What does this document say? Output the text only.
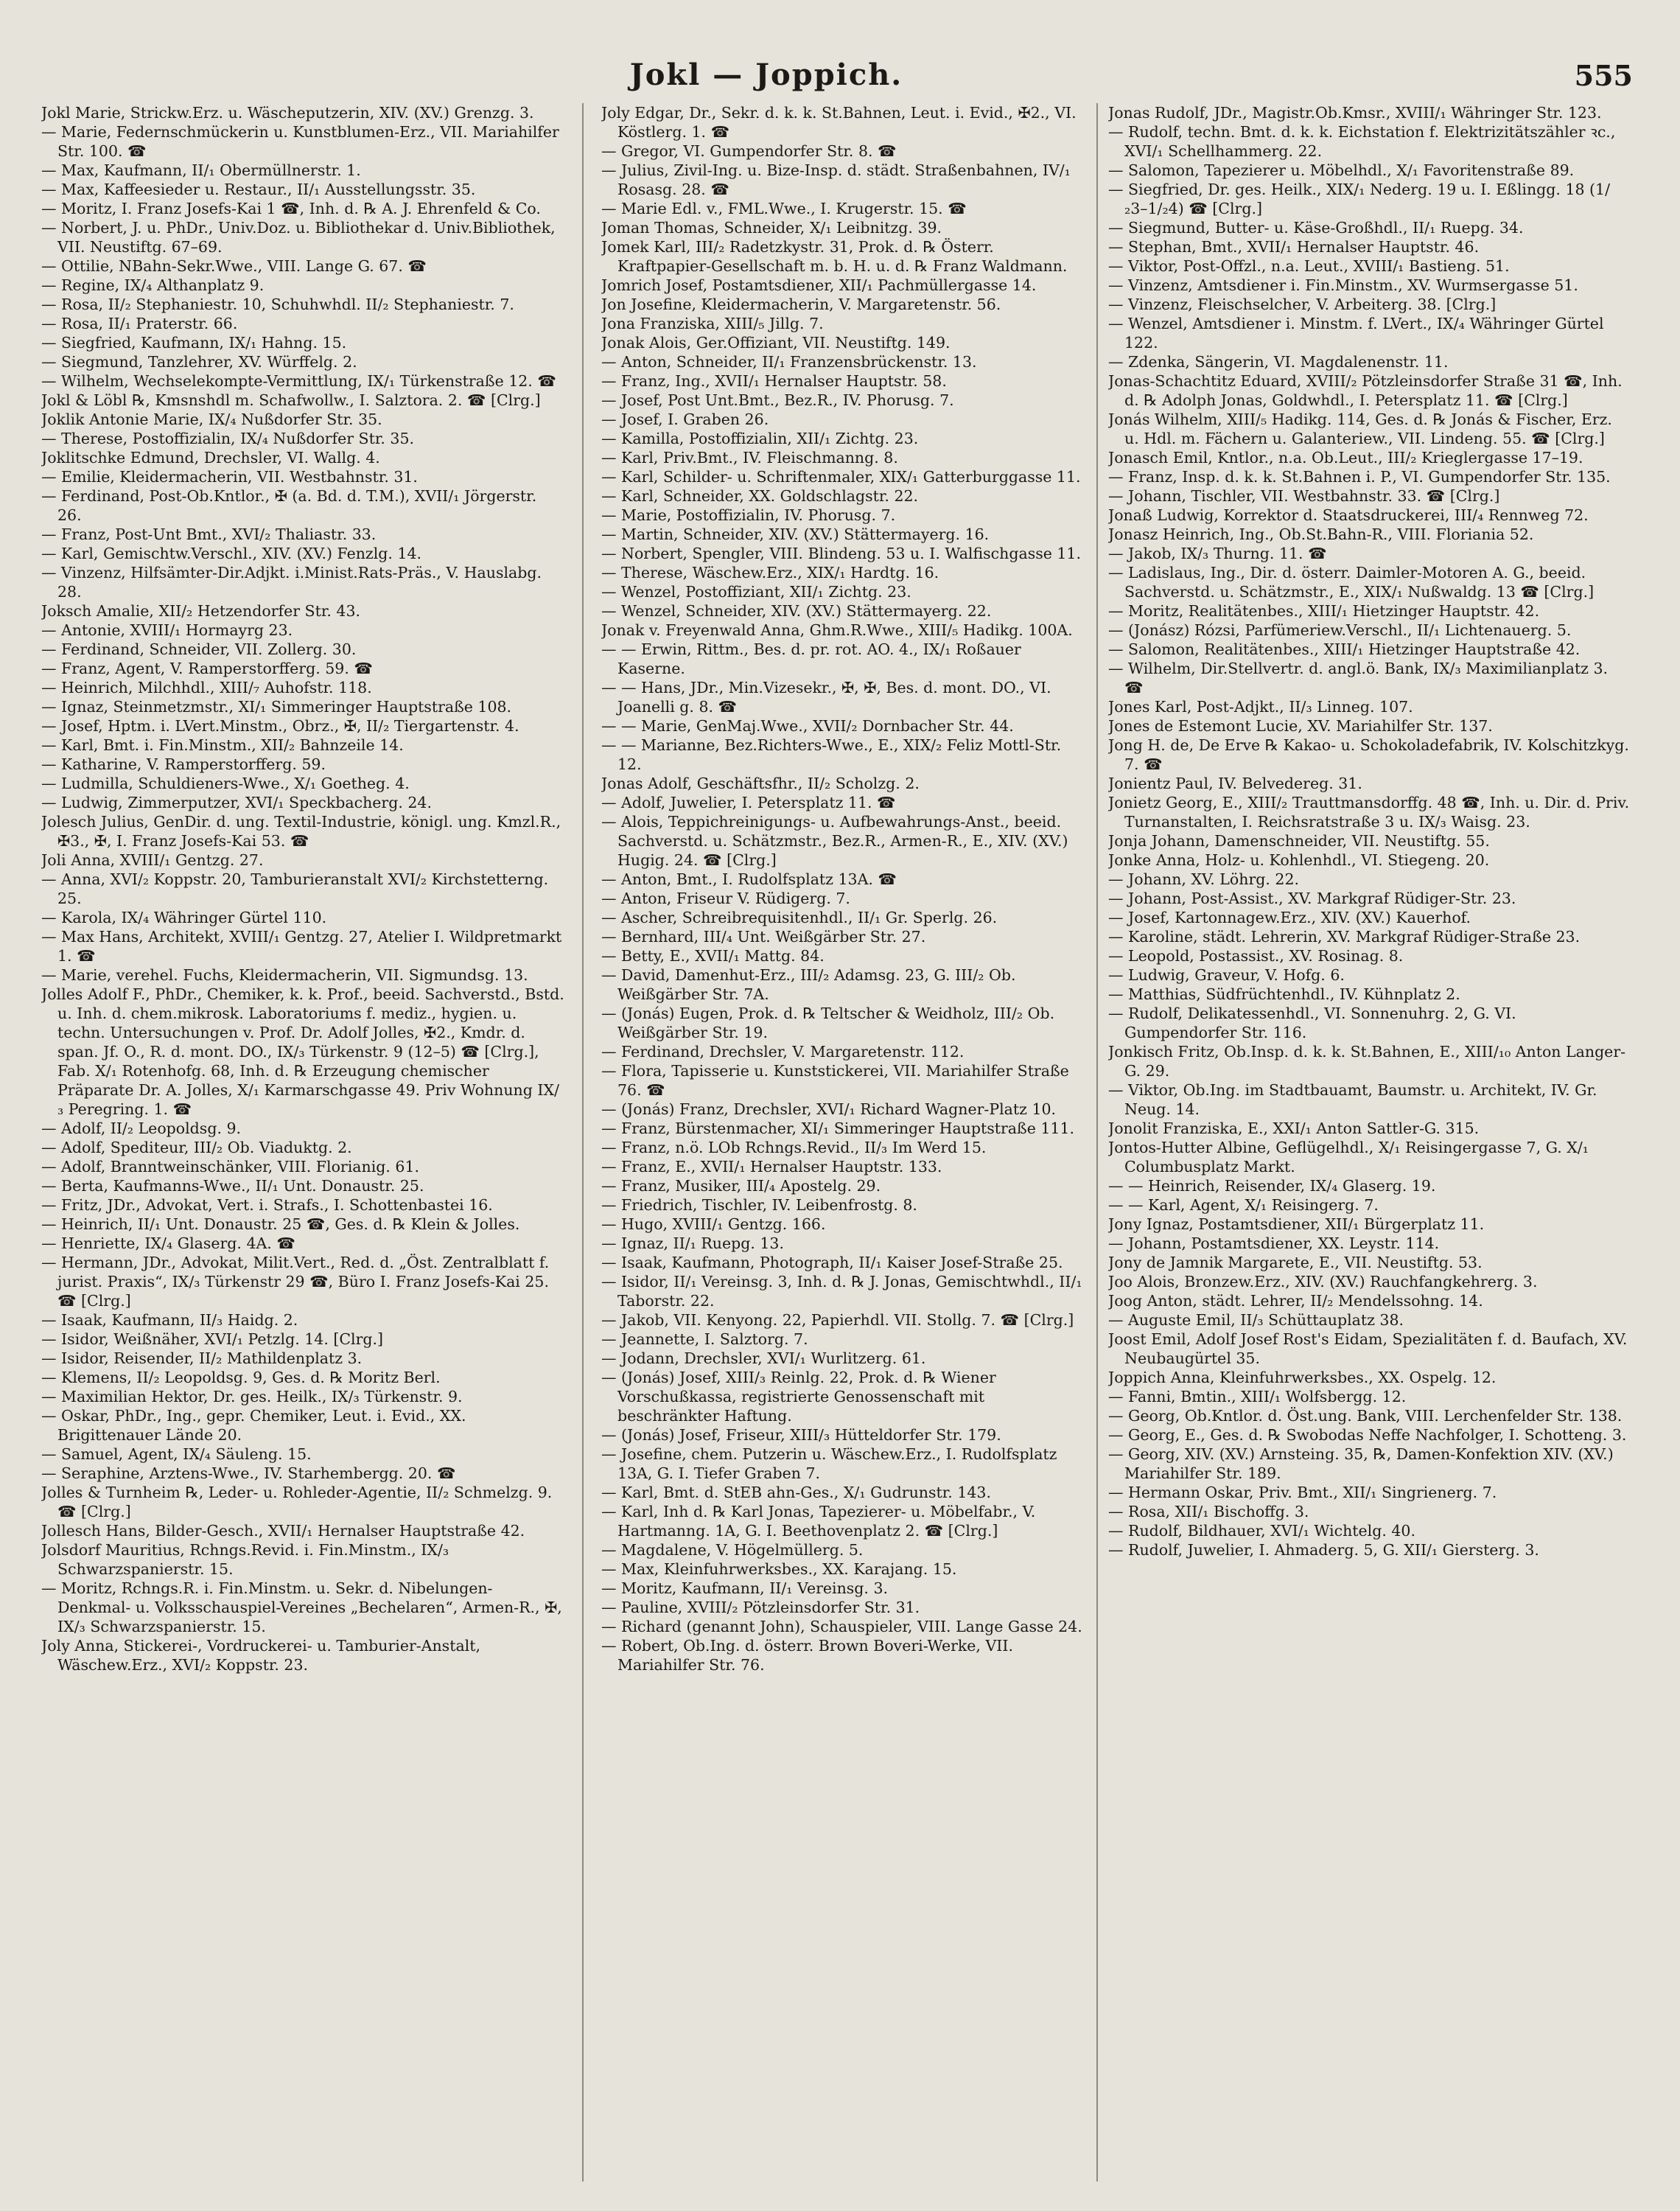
Jokl — Joppich.	555

Jokl Marie, Strickw.Erz. u. Wäscheputzerin, XIV. (XV.) Grenzg. 3.

— Marie, Federnschmückerin u. Kunstblumen-Erz., VII. Mariahilfer Str. 100. ☎

— Max, Kaufmann, II/₁ Obermüllnerstr. 1.

— Max, Kaffeesieder u. Restaur., II/₁ Ausstellungsstr. 35.

— Moritz, I. Franz Josefs-Kai 1 ☎, Inh. d. ℞ A. J. Ehrenfeld & Co.

— Norbert, J. u. PhDr., Univ.Doz. u. Bibliothekar d. Univ.Bibliothek, VII. Neustiftg. 67–69.

— Ottilie, NBahn-Sekr.Wwe., VIII. Lange G. 67. ☎

— Regine, IX/₄ Althanplatz 9.

— Rosa, II/₂ Stephaniestr. 10, Schuhwhdl. II/₂ Stephaniestr. 7.

— Rosa, II/₁ Praterstr. 66.

— Siegfried, Kaufmann, IX/₁ Hahng. 15.

— Siegmund, Tanzlehrer, XV. Würffelg. 2.

— Wilhelm, Wechselekompte-Vermittlung, IX/₁ Türkenstraße 12. ☎

Jokl & Löbl ℞, Kmsnshdl m. Schafwollw., I. Salztora. 2. ☎ [Clrg.]

Joklik Antonie Marie, IX/₄ Nußdorfer Str. 35.

— Therese, Postoffizialin, IX/₄ Nußdorfer Str. 35.

Joklitschke Edmund, Drechsler, VI. Wallg. 4.

— Emilie, Kleidermacherin, VII. Westbahnstr. 31.

— Ferdinand, Post-Ob.Kntlor., ✠ (a. Bd. d. T.M.), XVII/₁ Jörgerstr. 26.

— Franz, Post-Unt Bmt., XVI/₂ Thaliastr. 33.

— Karl, Gemischtw.Verschl., XIV. (XV.) Fenzlg. 14.

— Vinzenz, Hilfsämter-Dir.Adjkt. i.Minist.Rats-Präs., V. Hauslabg. 28.

Joksch Amalie, XII/₂ Hetzendorfer Str. 43.

— Antonie, XVIII/₁ Hormayrg 23.

— Ferdinand, Schneider, VII. Zollerg. 30.

— Franz, Agent, V. Ramperstorfferg. 59. ☎

— Heinrich, Milchhdl., XIII/₇ Auhofstr. 118.

— Ignaz, Steinmetzmstr., XI/₁ Simmeringer Hauptstraße 108.

— Josef, Hptm. i. LVert.Minstm., Obrz., ✠, II/₂ Tiergartenstr. 4.

— Karl, Bmt. i. Fin.Minstm., XII/₂ Bahnzeile 14.

— Katharine, V. Ramperstorfferg. 59.

— Ludmilla, Schuldieners-Wwe., X/₁ Goetheg. 4.

— Ludwig, Zimmerputzer, XVI/₁ Speckbacherg. 24.

Jolesch Julius, GenDir. d. ung. Textil-Industrie, königl. ung. Kmzl.R., ✠3., ✠, I. Franz Josefs-Kai 53. ☎

Joli Anna, XVIII/₁ Gentzg. 27.

— Anna, XVI/₂ Koppstr. 20, Tamburieranstalt XVI/₂ Kirchstetterng. 25.

— Karola, IX/₄ Währinger Gürtel 110.

— Max Hans, Architekt, XVIII/₁ Gentzg. 27, Atelier I. Wildpretmarkt 1. ☎

— Marie, verehel. Fuchs, Kleidermacherin, VII. Sigmundsg. 13.

Jolles Adolf F., PhDr., Chemiker, k. k. Prof., beeid. Sachverstd., Bstd. u. Inh. d. chem.mikrosk. Laboratoriums f. mediz., hygien. u. techn. Untersuchungen v. Prof. Dr. Adolf Jolles, ✠2., Kmdr. d. span. Jf. O., R. d. mont. DO., IX/₃ Türkenstr. 9 (12–5) ☎ [Clrg.], Fab. X/₁ Rotenhofg. 68, Inh. d. ℞ Erzeugung chemischer Präparate Dr. A. Jolles, X/₁ Karmarschgasse 49. Priv Wohnung IX/₃ Peregring. 1. ☎

— Adolf, II/₂ Leopoldsg. 9.

— Adolf, Spediteur, III/₂ Ob. Viaduktg. 2.

— Adolf, Branntweinschänker, VIII. Florianig. 61.

— Berta, Kaufmanns-Wwe., II/₁ Unt. Donaustr. 25.

— Fritz, JDr., Advokat, Vert. i. Strafs., I. Schottenbastei 16.

— Heinrich, II/₁ Unt. Donaustr. 25 ☎, Ges. d. ℞ Klein & Jolles.

— Henriette, IX/₄ Glaserg. 4A. ☎

— Hermann, JDr., Advokat, Milit.Vert., Red. d. „Öst. Zentralblatt f. jurist. Praxis“, IX/₃ Türkenstr 29 ☎, Büro I. Franz Josefs-Kai 25. ☎ [Clrg.]

— Isaak, Kaufmann, II/₃ Haidg. 2.

— Isidor, Weißnäher, XVI/₁ Petzlg. 14. [Clrg.]

— Isidor, Reisender, II/₂ Mathildenplatz 3.

— Klemens, II/₂ Leopoldsg. 9, Ges. d. ℞ Moritz Berl.

— Maximilian Hektor, Dr. ges. Heilk., IX/₃ Türkenstr. 9.

— Oskar, PhDr., Ing., gepr. Chemiker, Leut. i. Evid., XX. Brigittenauer Lände 20.

— Samuel, Agent, IX/₄ Säuleng. 15.

— Seraphine, Arztens-Wwe., IV. Starhembergg. 20. ☎

Jolles & Turnheim ℞, Leder- u. Rohleder-Agentie, II/₂ Schmelzg. 9. ☎ [Clrg.]

Jollesch Hans, Bilder-Gesch., XVII/₁ Hernalser Hauptstraße 42.

Jolsdorf Mauritius, Rchngs.Revid. i. Fin.Minstm., IX/₃ Schwarzspanierstr. 15.

— Moritz, Rchngs.R. i. Fin.Minstm. u. Sekr. d. Nibelungen-Denkmal- u. Volksschauspiel-Vereines „Bechelaren“, Armen-R., ✠, IX/₃ Schwarzspanierstr. 15.

Joly Anna, Stickerei-, Vordruckerei- u. Tamburier-Anstalt, Wäschew.Erz., XVI/₂ Koppstr. 23.

Joly Edgar, Dr., Sekr. d. k. k. St.Bahnen, Leut. i. Evid., ✠2., VI. Köstlerg. 1. ☎

— Gregor, VI. Gumpendorfer Str. 8. ☎

— Julius, Zivil-Ing. u. Bize-Insp. d. städt. Straßenbahnen, IV/₁ Rosasg. 28. ☎

— Marie Edl. v., FML.Wwe., I. Krugerstr. 15. ☎

Joman Thomas, Schneider, X/₁ Leibnitzg. 39.

Jomek Karl, III/₂ Radetzkystr. 31, Prok. d. ℞ Österr. Kraftpapier-Gesellschaft m. b. H. u. d. ℞ Franz Waldmann.

Jomrich Josef, Postamtsdiener, XII/₁ Pachmüllergasse 14.

Jon Josefine, Kleidermacherin, V. Margaretenstr. 56.

Jona Franziska, XIII/₅ Jillg. 7.

Jonak Alois, Ger.Offiziant, VII. Neustiftg. 149.

— Anton, Schneider, II/₁ Franzensbrückenstr. 13.

— Franz, Ing., XVII/₁ Hernalser Hauptstr. 58.

— Josef, Post Unt.Bmt., Bez.R., IV. Phorusg. 7.

— Josef, I. Graben 26.

— Kamilla, Postoffizialin, XII/₁ Zichtg. 23.

— Karl, Priv.Bmt., IV. Fleischmanng. 8.

— Karl, Schilder- u. Schriftenmaler, XIX/₁ Gatterburggasse 11.

— Karl, Schneider, XX. Goldschlagstr. 22.

— Marie, Postoffizialin, IV. Phorusg. 7.

— Martin, Schneider, XIV. (XV.) Stättermayerg. 16.

— Norbert, Spengler, VIII. Blindeng. 53 u. I. Walfischgasse 11.

— Therese, Wäschew.Erz., XIX/₁ Hardtg. 16.

— Wenzel, Postoffiziant, XII/₁ Zichtg. 23.

— Wenzel, Schneider, XIV. (XV.) Stättermayerg. 22.

Jonak v. Freyenwald Anna, Ghm.R.Wwe., XIII/₅ Hadikg. 100A.

— — Erwin, Rittm., Bes. d. pr. rot. AO. 4., IX/₁ Roßauer Kaserne.

— — Hans, JDr., Min.Vizesekr., ✠, ✠, Bes. d. mont. DO., VI. Joanelli g. 8. ☎

— — Marie, GenMaj.Wwe., XVII/₂ Dornbacher Str. 44.

— — Marianne, Bez.Richters-Wwe., E., XIX/₂ Feliz Mottl-Str. 12.

Jonas Adolf, Geschäftsfhr., II/₂ Scholzg. 2.

— Adolf, Juwelier, I. Petersplatz 11. ☎

— Alois, Teppichreinigungs- u. Aufbewahrungs-Anst., beeid. Sachverstd. u. Schätzmstr., Bez.R., Armen-R., E., XIV. (XV.) Hugig. 24. ☎ [Clrg.]

— Anton, Bmt., I. Rudolfsplatz 13A. ☎

— Anton, Friseur V. Rüdigerg. 7.

— Ascher, Schreibrequisitenhdl., II/₁ Gr. Sperlg. 26.

— Bernhard, III/₄ Unt. Weißgärber Str. 27.

— Betty, E., XVII/₁ Mattg. 84.

— David, Damenhut-Erz., III/₂ Adamsg. 23, G. III/₂ Ob. Weißgärber Str. 7A.

— (Jonás) Eugen, Prok. d. ℞ Teltscher & Weidholz, III/₂ Ob. Weißgärber Str. 19.

— Ferdinand, Drechsler, V. Margaretenstr. 112.

— Flora, Tapisserie u. Kunststickerei, VII. Mariahilfer Straße 76. ☎

— (Jonás) Franz, Drechsler, XVI/₁ Richard Wagner-Platz 10.

— Franz, Bürstenmacher, XI/₁ Simmeringer Hauptstraße 111.

— Franz, n.ö. LOb Rchngs.Revid., II/₃ Im Werd 15.

— Franz, E., XVII/₁ Hernalser Hauptstr. 133.

— Franz, Musiker, III/₄ Apostelg. 29.

— Friedrich, Tischler, IV. Leibenfrostg. 8.

— Hugo, XVIII/₁ Gentzg. 166.

— Ignaz, II/₁ Ruepg. 13.

— Isaak, Kaufmann, Photograph, II/₁ Kaiser Josef-Straße 25.

— Isidor, II/₁ Vereinsg. 3, Inh. d. ℞ J. Jonas, Gemischtwhdl., II/₁ Taborstr. 22.

— Jakob, VII. Kenyong. 22, Papierhdl. VII. Stollg. 7. ☎ [Clrg.]

— Jeannette, I. Salztorg. 7.

— Jodann, Drechsler, XVI/₁ Wurlitzerg. 61.

— (Jonás) Josef, XIII/₃ Reinlg. 22, Prok. d. ℞ Wiener Vorschußkassa, registrierte Genossenschaft mit beschränkter Haftung.

— (Jonás) Josef, Friseur, XIII/₃ Hütteldorfer Str. 179.

— Josefine, chem. Putzerin u. Wäschew.Erz., I. Rudolfsplatz 13A, G. I. Tiefer Graben 7.

— Karl, Bmt. d. StEB ahn-Ges., X/₁ Gudrunstr. 143.

— Karl, Inh d. ℞ Karl Jonas, Tapezierer- u. Möbelfabr., V. Hartmanng. 1A, G. I. Beethovenplatz 2. ☎ [Clrg.]

— Magdalene, V. Högelmüllerg. 5.

— Max, Kleinfuhrwerksbes., XX. Karajang. 15.

— Moritz, Kaufmann, II/₁ Vereinsg. 3.

— Pauline, XVIII/₂ Pötzleinsdorfer Str. 31.

— Richard (genannt John), Schauspieler, VIII. Lange Gasse 24.

— Robert, Ob.Ing. d. österr. Brown Boveri-Werke, VII. Mariahilfer Str. 76.

Jonas Rudolf, JDr., Magistr.Ob.Kmsr., XVIII/₁ Währinger Str. 123.

— Rudolf, techn. Bmt. d. k. k. Eichstation f. Elektrizitätszähler ꝛc., XVI/₁ Schellhammerg. 22.

— Salomon, Tapezierer u. Möbelhdl., X/₁ Favoritenstraße 89.

— Siegfried, Dr. ges. Heilk., XIX/₁ Nederg. 19 u. I. Eßlingg. 18 (1/₂3–1/₂4) ☎ [Clrg.]

— Siegmund, Butter- u. Käse-Großhdl., II/₁ Ruepg. 34.

— Stephan, Bmt., XVII/₁ Hernalser Hauptstr. 46.

— Viktor, Post-Offzl., n.a. Leut., XVIII/₁ Bastieng. 51.

— Vinzenz, Amtsdiener i. Fin.Minstm., XV. Wurmsergasse 51.

— Vinzenz, Fleischselcher, V. Arbeiterg. 38. [Clrg.]

— Wenzel, Amtsdiener i. Minstm. f. LVert., IX/₄ Währinger Gürtel 122.

— Zdenka, Sängerin, VI. Magdalenenstr. 11.

Jonas-Schachtitz Eduard, XVIII/₂ Pötzleinsdorfer Straße 31 ☎, Inh. d. ℞ Adolph Jonas, Goldwhdl., I. Petersplatz 11. ☎ [Clrg.]

Jonás Wilhelm, XIII/₅ Hadikg. 114, Ges. d. ℞ Jonás & Fischer, Erz. u. Hdl. m. Fächern u. Galanteriew., VII. Lindeng. 55. ☎ [Clrg.]

Jonasch Emil, Kntlor., n.a. Ob.Leut., III/₂ Krieglergasse 17–19.

— Franz, Insp. d. k. k. St.Bahnen i. P., VI. Gumpendorfer Str. 135.

— Johann, Tischler, VII. Westbahnstr. 33. ☎ [Clrg.]

Jonaß Ludwig, Korrektor d. Staatsdruckerei, III/₄ Rennweg 72.

Jonasz Heinrich, Ing., Ob.St.Bahn-R., VIII. Floriania 52.

— Jakob, IX/₃ Thurng. 11. ☎

— Ladislaus, Ing., Dir. d. österr. Daimler-Motoren A. G., beeid. Sachverstd. u. Schätzmstr., E., XIX/₁ Nußwaldg. 13 ☎ [Clrg.]

— Moritz, Realitätenbes., XIII/₁ Hietzinger Hauptstr. 42.

— (Jonász) Rózsi, Parfümeriew.Verschl., II/₁ Lichtenauerg. 5.

— Salomon, Realitätenbes., XIII/₁ Hietzinger Hauptstraße 42.

— Wilhelm, Dir.Stellvertr. d. angl.ö. Bank, IX/₃ Maximilianplatz 3. ☎

Jones Karl, Post-Adjkt., II/₃ Linneg. 107.

Jones de Estemont Lucie, XV. Mariahilfer Str. 137.

Jong H. de, De Erve ℞ Kakao- u. Schokoladefabrik, IV. Kolschitzkyg. 7. ☎

Jonientz Paul, IV. Belvedereg. 31.

Jonietz Georg, E., XIII/₂ Trauttmansdorffg. 48 ☎, Inh. u. Dir. d. Priv. Turnanstalten, I. Reichsratstraße 3 u. IX/₃ Waisg. 23.

Jonja Johann, Damenschneider, VII. Neustiftg. 55.

Jonke Anna, Holz- u. Kohlenhdl., VI. Stiegeng. 20.

— Johann, XV. Löhrg. 22.

— Johann, Post-Assist., XV. Markgraf Rüdiger-Str. 23.

— Josef, Kartonnagew.Erz., XIV. (XV.) Kauerhof.

— Karoline, städt. Lehrerin, XV. Markgraf Rüdiger-Straße 23.

— Leopold, Postassist., XV. Rosinag. 8.

— Ludwig, Graveur, V. Hofg. 6.

— Matthias, Südfrüchtenhdl., IV. Kühnplatz 2.

— Rudolf, Delikatessenhdl., VI. Sonnenuhrg. 2, G. VI. Gumpendorfer Str. 116.

Jonkisch Fritz, Ob.Insp. d. k. k. St.Bahnen, E., XIII/₁₀ Anton Langer-G. 29.

— Viktor, Ob.Ing. im Stadtbauamt, Baumstr. u. Architekt, IV. Gr. Neug. 14.

Jonolit Franziska, E., XXI/₁ Anton Sattler-G. 315.

Jontos-Hutter Albine, Geflügelhdl., X/₁ Reisingergasse 7, G. X/₁ Columbusplatz Markt.

— — Heinrich, Reisender, IX/₄ Glaserg. 19.

— — Karl, Agent, X/₁ Reisingerg. 7.

Jony Ignaz, Postamtsdiener, XII/₁ Bürgerplatz 11.

— Johann, Postamtsdiener, XX. Leystr. 114.

Jony de Jamnik Margarete, E., VII. Neustiftg. 53.

Joo Alois, Bronzew.Erz., XIV. (XV.) Rauchfangkehrerg. 3.

Joog Anton, städt. Lehrer, II/₂ Mendelssohng. 14.

— Auguste Emil, II/₃ Schüttauplatz 38.

Joost Emil, Adolf Josef Rost's Eidam, Spezialitäten f. d. Baufach, XV. Neubaugürtel 35.

Joppich Anna, Kleinfuhrwerksbes., XX. Ospelg. 12.

— Fanni, Bmtin., XIII/₁ Wolfsbergg. 12.

— Georg, Ob.Kntlor. d. Öst.ung. Bank, VIII. Lerchenfelder Str. 138.

— Georg, E., Ges. d. ℞ Swobodas Neffe Nachfolger, I. Schotteng. 3.

— Georg, XIV. (XV.) Arnsteing. 35, ℞, Damen-Konfektion XIV. (XV.) Mariahilfer Str. 189.

— Hermann Oskar, Priv. Bmt., XII/₁ Singrienerg. 7.

— Rosa, XII/₁ Bischoffg. 3.

— Rudolf, Bildhauer, XVI/₁ Wichtelg. 40.

— Rudolf, Juwelier, I. Ahmaderg. 5, G. XII/₁ Giersterg. 3.
